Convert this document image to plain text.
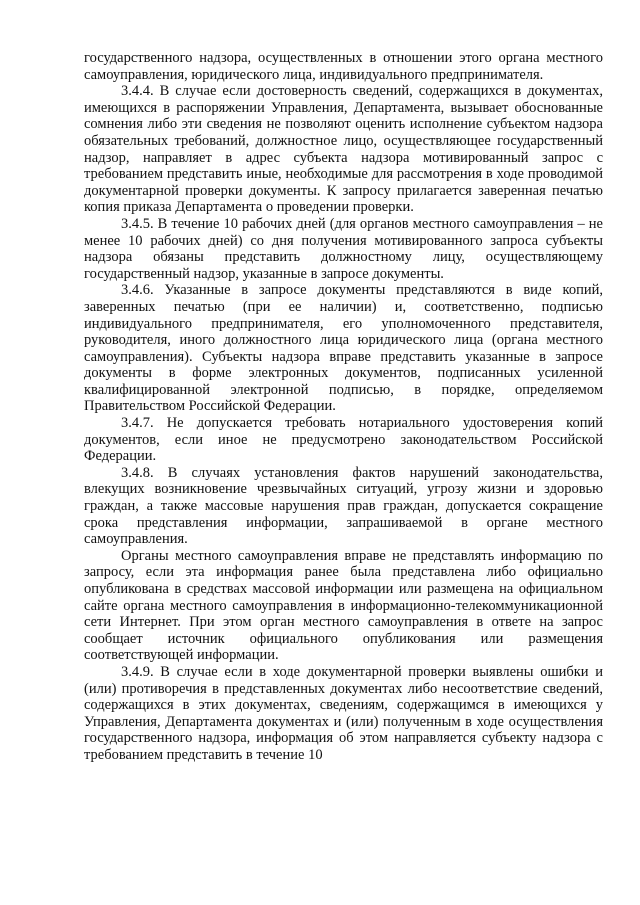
государственного надзора, осуществленных в отношении этого органа местного самоуправления, юридического лица, индивидуального предпринимателя.

3.4.4. В случае если достоверность сведений, содержащихся в документах, имеющихся в распоряжении Управления, Департамента, вызывает обоснованные сомнения либо эти сведения не позволяют оценить исполнение субъектом надзора обязательных требований, должностное лицо, осуществляющее государственный надзор, направляет в адрес субъекта надзора мотивированный запрос с требованием представить иные, необходимые для рассмотрения в ходе проводимой документарной проверки документы. К запросу прилагается заверенная печатью копия приказа Департамента о проведении проверки.

3.4.5. В течение 10 рабочих дней (для органов местного самоуправления – не менее 10 рабочих дней) со дня получения мотивированного запроса субъекты надзора обязаны представить должностному лицу, осуществляющему государственный надзор, указанные в запросе документы.

3.4.6. Указанные в запросе документы представляются в виде копий, заверенных печатью (при ее наличии) и, соответственно, подписью индивидуального предпринимателя, его уполномоченного представителя, руководителя, иного должностного лица юридического лица (органа местного самоуправления). Субъекты надзора вправе представить указанные в запросе документы в форме электронных документов, подписанных усиленной квалифицированной электронной подписью, в порядке, определяемом Правительством Российской Федерации.

3.4.7. Не допускается требовать нотариального удостоверения копий документов, если иное не предусмотрено законодательством Российской Федерации.

3.4.8. В случаях установления фактов нарушений законодательства, влекущих возникновение чрезвычайных ситуаций, угрозу жизни и здоровью граждан, а также массовые нарушения прав граждан, допускается сокращение срока представления информации, запрашиваемой в органе местного самоуправления.

Органы местного самоуправления вправе не представлять информацию по запросу, если эта информация ранее была представлена либо официально опубликована в средствах массовой информации или размещена на официальном сайте органа местного самоуправления в информационно-телекоммуникационной сети Интернет. При этом орган местного самоуправления в ответе на запрос сообщает источник официального опубликования или размещения соответствующей информации.

3.4.9. В случае если в ходе документарной проверки выявлены ошибки и (или) противоречия в представленных документах либо несоответствие сведений, содержащихся в этих документах, сведениям, содержащимся в имеющихся у Управления, Департамента документах и (или) полученным в ходе осуществления государственного надзора, информация об этом направляется субъекту надзора с требованием представить в течение 10
